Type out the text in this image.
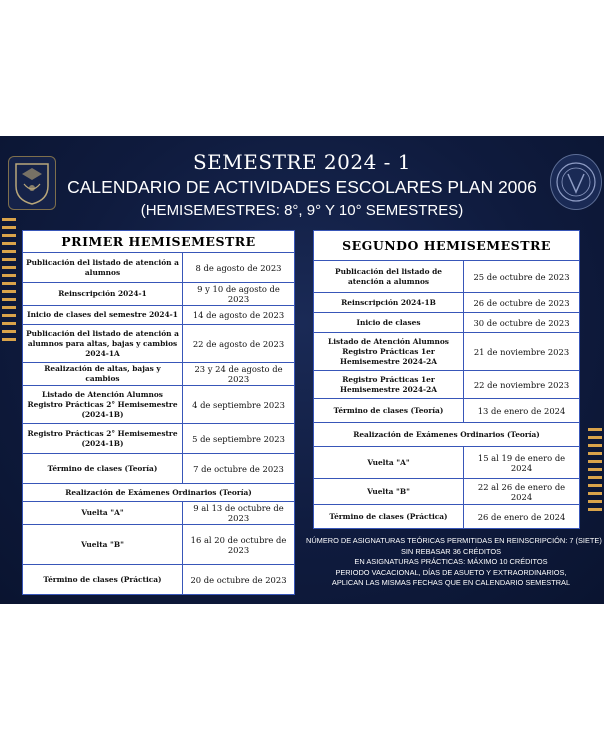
SEMESTRE 2024 - 1
CALENDARIO DE ACTIVIDADES ESCOLARES PLAN 2006
(HEMISEMESTRES: 8°, 9° Y 10° SEMESTRES)
PRIMER HEMISEMESTRE	
Publicación del listado de atención a alumnos	8 de agosto de 2023
Reinscripción 2024-1	9 y 10 de agosto de 2023
Inicio de clases del semestre 2024-1	14 de agosto de 2023
Publicación del listado de atención a alumnos para altas, bajas y cambios 2024-1A	22 de agosto de 2023
Realización de altas, bajas y cambios	23 y 24 de agosto de 2023
Listado de Atención Alumnos Registro Prácticas 2° Hemisemestre (2024-1B)	4 de septiembre 2023
Registro Prácticas 2° Hemisemestre (2024-1B)	5 de septiembre 2023
Término de clases (Teoría)	7 de octubre de 2023
Realización de Exámenes Ordinarios (Teoría)	
Vuelta "A"	9 al 13 de octubre de 2023
Vuelta "B"	16 al 20 de octubre de 2023
Término de clases (Práctica)	20 de octubre de 2023
SEGUNDO HEMISEMESTRE	
Publicación del listado de atención a alumnos	25 de octubre de 2023
Reinscripción 2024-1B	26 de octubre de 2023
Inicio de clases	30 de octubre de 2023
Listado de Atención Alumnos Registro Prácticas 1er Hemisemestre 2024-2A	21 de noviembre 2023
Registro Prácticas 1er Hemisemestre 2024-2A	22 de noviembre 2023
Término de clases (Teoría)	13 de enero de 2024
Realización de Exámenes Ordinarios (Teoría)	
Vuelta "A"	15 al 19 de enero de 2024
Vuelta "B"	22 al 26 de enero de 2024
Término de clases (Práctica)	26 de enero de 2024
NÚMERO DE ASIGNATURAS TEÓRICAS PERMITIDAS EN REINSCRIPCIÓN: 7 (SIETE)
SIN REBASAR 36 CRÉDITOS
EN ASIGNATURAS PRÁCTICAS: MÁXIMO 10 CRÉDITOS
PERIODO VACACIONAL, DÍAS DE ASUETO Y EXTRAORDINARIOS,
APLICAN LAS MISMAS FECHAS QUE EN CALENDARIO SEMESTRAL
